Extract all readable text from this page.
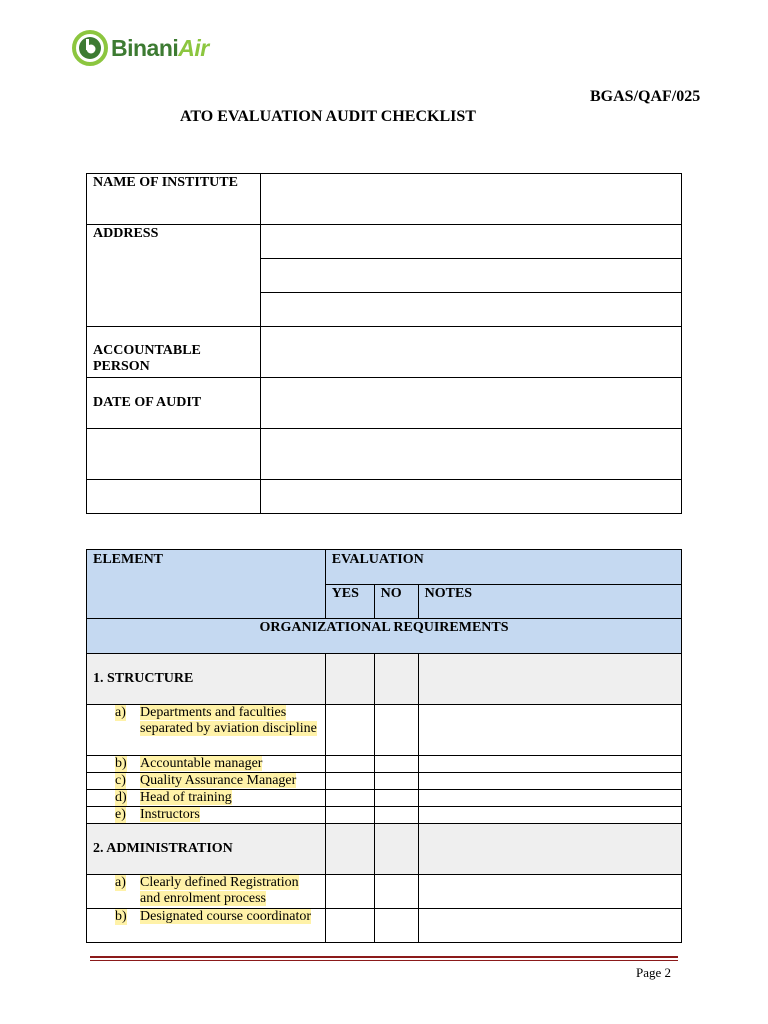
BinaniAir
BGAS/QAF/025
ATO EVALUATION AUDIT CHECKLIST
NAME OF INSTITUTE	
ADDRESS	

ACCOUNTABLE PERSON	
DATE OF AUDIT	

ELEMENT	EVALUATION		
	YES	NO	NOTES
ORGANIZATIONAL REQUIREMENTS			
1. STRUCTURE			

a) Departments and faculties separated by aviation discipline			

b) Accountable manager			

c) Quality Assurance Manager			

d) Head of training			

e) Instructors			

2. ADMINISTRATION			

a) Clearly defined Registration and enrolment process			

b) Designated course coordinator			

Page 2
